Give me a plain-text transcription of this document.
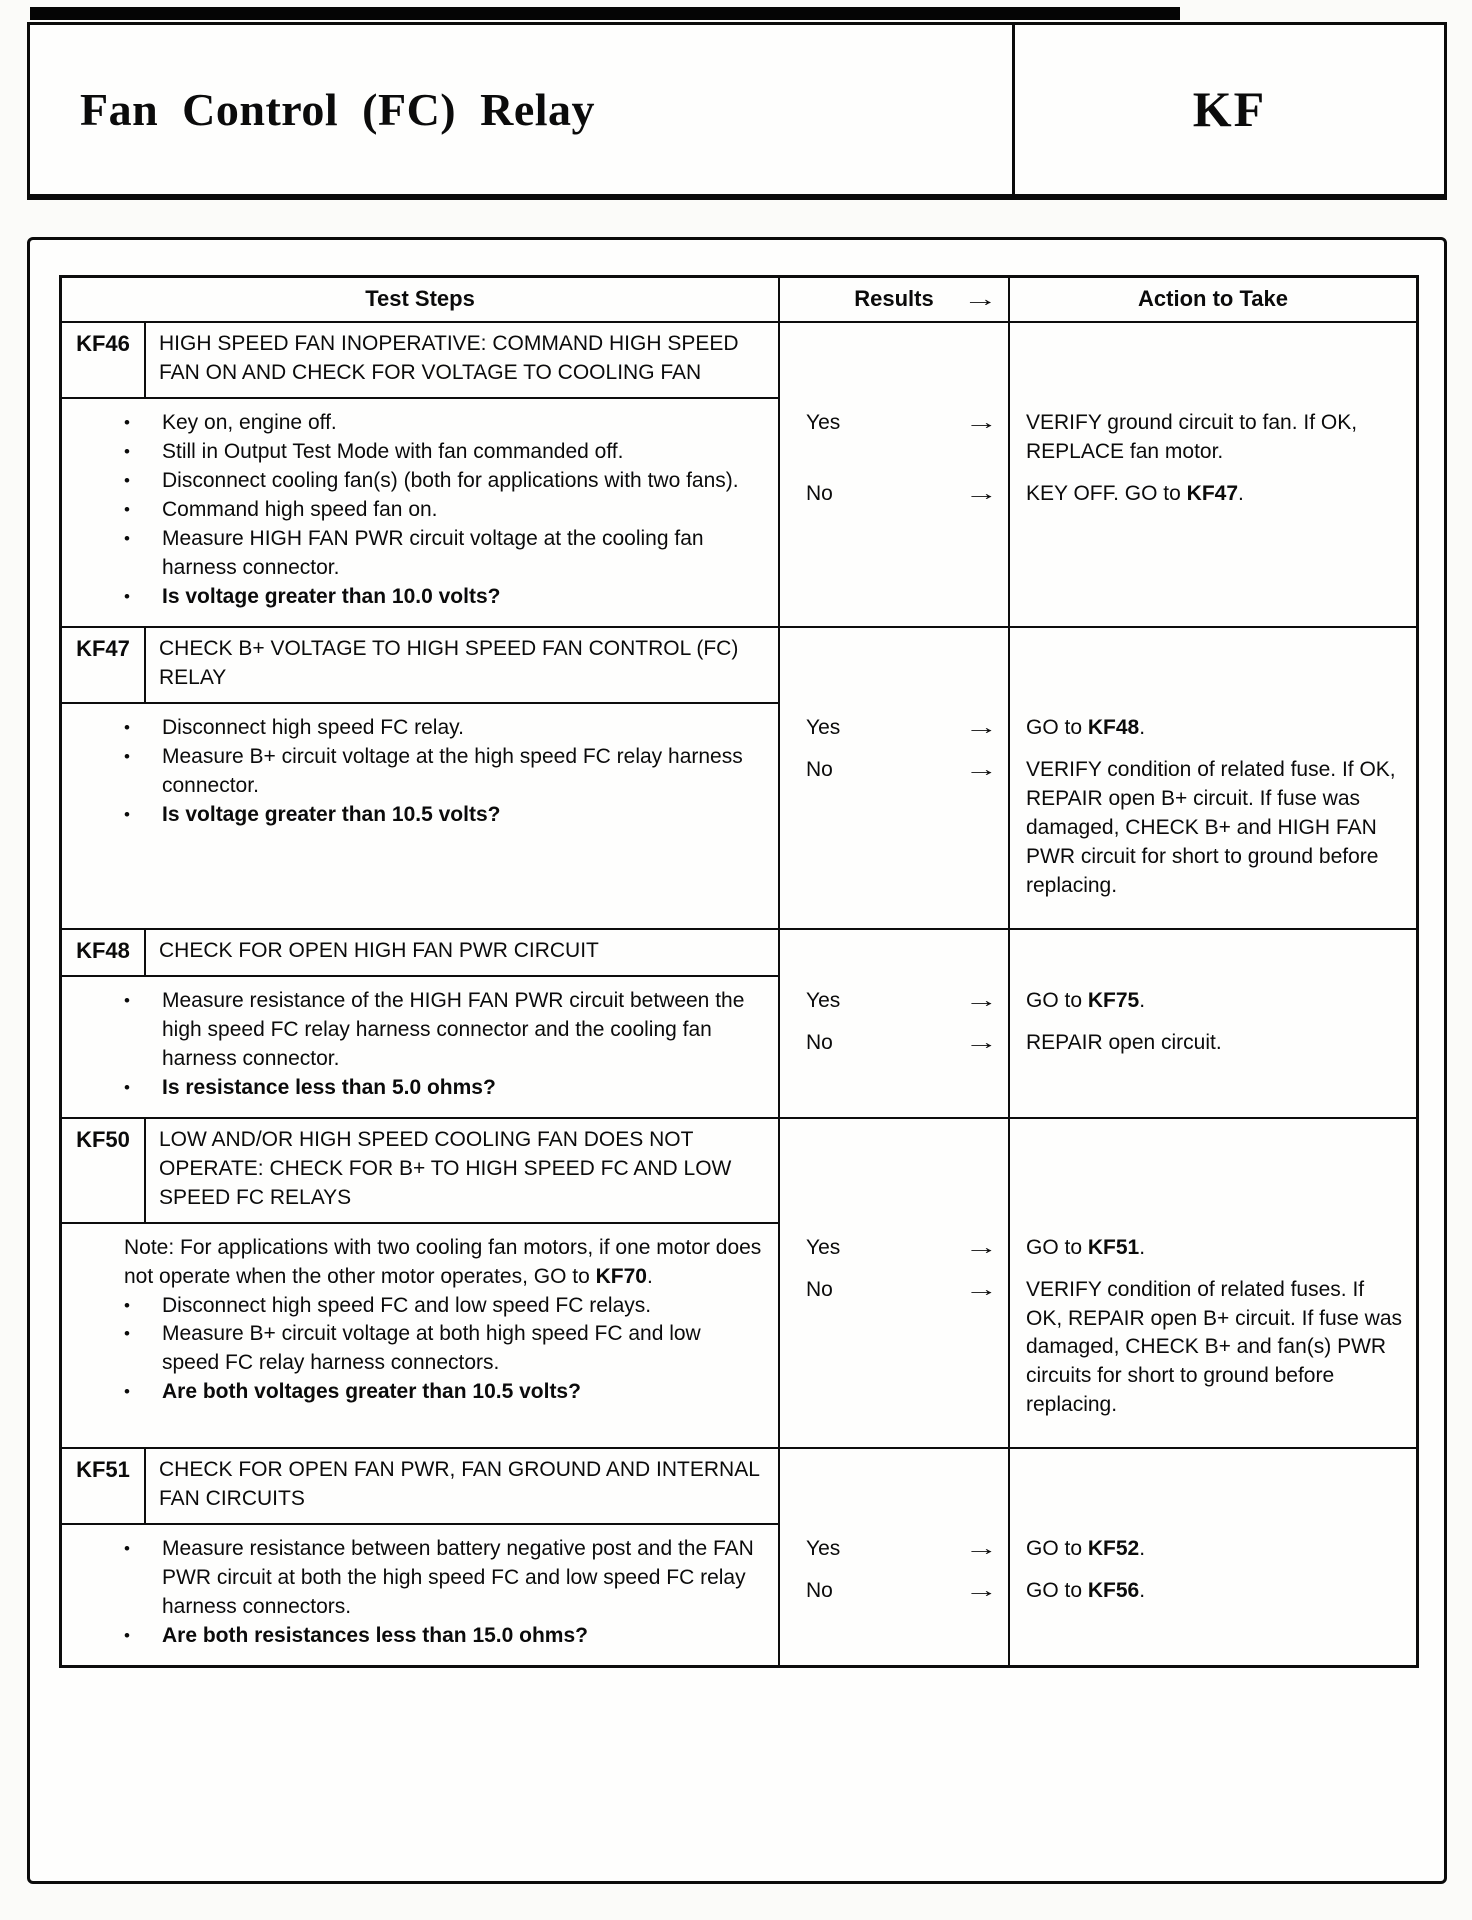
Fan Control (FC) Relay	KF
Test Steps	Results →	Action to Take
KF46	HIGH SPEED FAN INOPERATIVE: COMMAND HIGH SPEED FAN ON AND CHECK FOR VOLTAGE TO COOLING FAN
•	Key on, engine off.
•	Still in Output Test Mode with fan commanded off.
•	Disconnect cooling fan(s) (both for applications with two fans).
•	Command high speed fan on.
•	Measure HIGH FAN PWR circuit voltage at the cooling fan harness connector.
•	Is voltage greater than 10.0 volts?
Yes	→	VERIFY ground circuit to fan. If OK, REPLACE fan motor.
No	→	KEY OFF. GO to KF47.
KF47	CHECK B+ VOLTAGE TO HIGH SPEED FAN CONTROL (FC) RELAY
•	Disconnect high speed FC relay.
•	Measure B+ circuit voltage at the high speed FC relay harness connector.
•	Is voltage greater than 10.5 volts?
Yes	→	GO to KF48.
No	→	VERIFY condition of related fuse. If OK, REPAIR open B+ circuit. If fuse was damaged, CHECK B+ and HIGH FAN PWR circuit for short to ground before replacing.
KF48	CHECK FOR OPEN HIGH FAN PWR CIRCUIT
•	Measure resistance of the HIGH FAN PWR circuit between the high speed FC relay harness connector and the cooling fan harness connector.
•	Is resistance less than 5.0 ohms?
Yes	→	GO to KF75.
No	→	REPAIR open circuit.
KF50	LOW AND/OR HIGH SPEED COOLING FAN DOES NOT OPERATE: CHECK FOR B+ TO HIGH SPEED FC AND LOW SPEED FC RELAYS
Note: For applications with two cooling fan motors, if one motor does not operate when the other motor operates, GO to KF70.
•	Disconnect high speed FC and low speed FC relays.
•	Measure B+ circuit voltage at both high speed FC and low speed FC relay harness connectors.
•	Are both voltages greater than 10.5 volts?
Yes	→	GO to KF51.
No	→	VERIFY condition of related fuses. If OK, REPAIR open B+ circuit. If fuse was damaged, CHECK B+ and fan(s) PWR circuits for short to ground before replacing.
KF51	CHECK FOR OPEN FAN PWR, FAN GROUND AND INTERNAL FAN CIRCUITS
•	Measure resistance between battery negative post and the FAN PWR circuit at both the high speed FC and low speed FC relay harness connectors.
•	Are both resistances less than 15.0 ohms?
Yes	→	GO to KF52.
No	→	GO to KF56.
